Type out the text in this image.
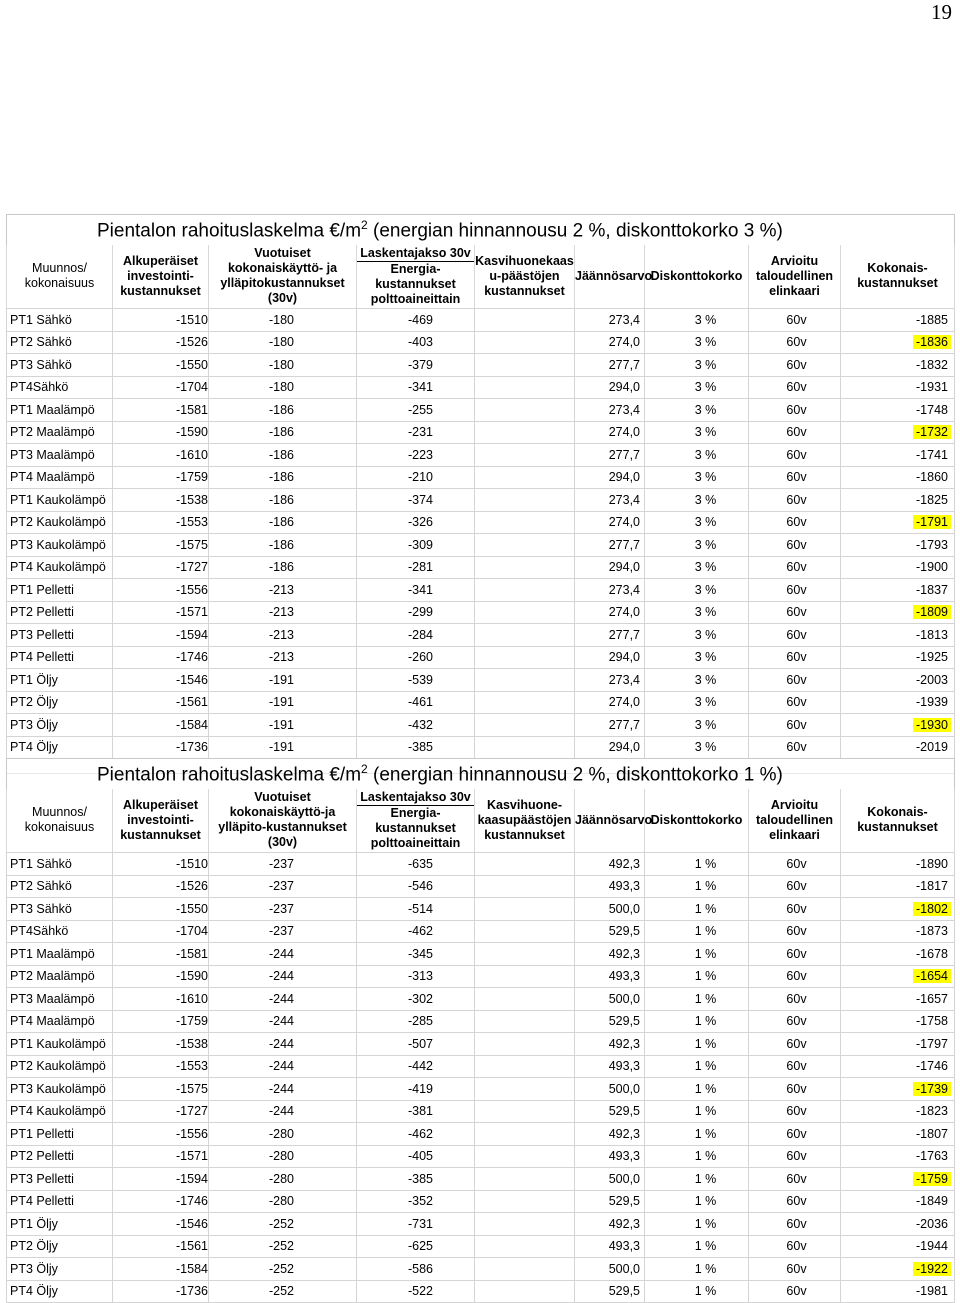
19
Pientalon rahoituslaskelma $€/m^2$ (energian hinnannousu 2 %, diskonttokorko 3 %)								

Muunnos/ kokonaisuus	Alkuperäiset investointi-kustannukset	Vuotuiset kokonaiskäyttö- ja ylläpitokustannukset (30v)	Laskentajakso 30v
Energia-kustannukset polttoaineittain	Kasvihuonekaas u-päästöjen kustannukset	Jäännösarvo	Diskonttokorko	Arvioitu taloudellinen elinkaari	Kokonais-kustannukset

PT1 Sähkö	-1510	-180	-469		273,4	3 %	60v	-1885
PT2 Sähkö	-1526	-180	-403		274,0	3 %	60v	-1836
PT3 Sähkö	-1550	-180	-379		277,7	3 %	60v	-1832
PT4Sähkö	-1704	-180	-341		294,0	3 %	60v	-1931
PT1 Maalämpö	-1581	-186	-255		273,4	3 %	60v	-1748
PT2 Maalämpö	-1590	-186	-231		274,0	3 %	60v	-1732
PT3 Maalämpö	-1610	-186	-223		277,7	3 %	60v	-1741
PT4 Maalämpö	-1759	-186	-210		294,0	3 %	60v	-1860
PT1 Kaukolämpö	-1538	-186	-374		273,4	3 %	60v	-1825
PT2 Kaukolämpö	-1553	-186	-326		274,0	3 %	60v	-1791
PT3 Kaukolämpö	-1575	-186	-309		277,7	3 %	60v	-1793
PT4 Kaukolämpö	-1727	-186	-281		294,0	3 %	60v	-1900
PT1 Pelletti	-1556	-213	-341		273,4	3 %	60v	-1837
PT2 Pelletti	-1571	-213	-299		274,0	3 %	60v	-1809
PT3 Pelletti	-1594	-213	-284		277,7	3 %	60v	-1813
PT4 Pelletti	-1746	-213	-260		294,0	3 %	60v	-1925
PT1 Öljy	-1546	-191	-539		273,4	3 %	60v	-2003
PT2 Öljy	-1561	-191	-461		274,0	3 %	60v	-1939
PT3 Öljy	-1584	-191	-432		277,7	3 %	60v	-1930
PT4 Öljy	-1736	-191	-385		294,0	3 %	60v	-2019

Pientalon rahoituslaskelma $€/m^2$ (energian hinnannousu 2 %, diskonttokorko 1 %)								

Muunnos/ kokonaisuus	Alkuperäiset investointi-kustannukset	Vuotuiset kokonaiskäyttö-ja ylläpito-kustannukset (30v)	Laskentajakso 30v
Energia-kustannukset polttoaineittain	Kasvihuone-kaasupäästöjen kustannukset	Jäännösarvo	Diskonttokorko	Arvioitu taloudellinen elinkaari	Kokonais-kustannukset

PT1 Sähkö	-1510	-237	-635		492,3	1 %	60v	-1890
PT2 Sähkö	-1526	-237	-546		493,3	1 %	60v	-1817
PT3 Sähkö	-1550	-237	-514		500,0	1 %	60v	-1802
PT4Sähkö	-1704	-237	-462		529,5	1 %	60v	-1873
PT1 Maalämpö	-1581	-244	-345		492,3	1 %	60v	-1678
PT2 Maalämpö	-1590	-244	-313		493,3	1 %	60v	-1654
PT3 Maalämpö	-1610	-244	-302		500,0	1 %	60v	-1657
PT4 Maalämpö	-1759	-244	-285		529,5	1 %	60v	-1758
PT1 Kaukolämpö	-1538	-244	-507		492,3	1 %	60v	-1797
PT2 Kaukolämpö	-1553	-244	-442		493,3	1 %	60v	-1746
PT3 Kaukolämpö	-1575	-244	-419		500,0	1 %	60v	-1739
PT4 Kaukolämpö	-1727	-244	-381		529,5	1 %	60v	-1823
PT1 Pelletti	-1556	-280	-462		492,3	1 %	60v	-1807
PT2 Pelletti	-1571	-280	-405		493,3	1 %	60v	-1763
PT3 Pelletti	-1594	-280	-385		500,0	1 %	60v	-1759
PT4 Pelletti	-1746	-280	-352		529,5	1 %	60v	-1849
PT1 Öljy	-1546	-252	-731		492,3	1 %	60v	-2036
PT2 Öljy	-1561	-252	-625		493,3	1 %	60v	-1944
PT3 Öljy	-1584	-252	-586		500,0	1 %	60v	-1922
PT4 Öljy	-1736	-252	-522		529,5	1 %	60v	-1981
